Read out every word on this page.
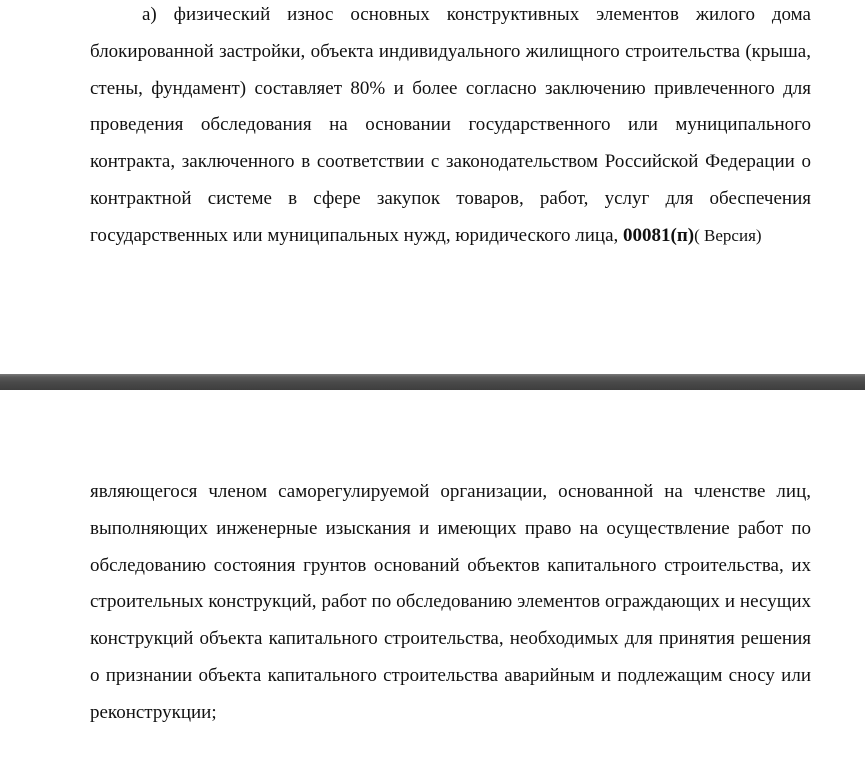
а) физический износ основных конструктивных элементов жилого дома блокированной застройки, объекта индивидуального жилищного строительства (крыша, стены, фундамент) составляет 80% и более согласно заключению привлеченного для проведения обследования на основании государственного или муниципального контракта, заключенного в соответствии с законодательством Российской Федерации о контрактной системе в сфере закупок товаров, работ, услуг для обеспечения государственных или муниципальных нужд, юридического лица, 00081(п)( Версия)

являющегося членом саморегулируемой организации, основанной на членстве лиц, выполняющих инженерные изыскания и имеющих право на осуществление работ по обследованию состояния грунтов оснований объектов капитального строительства, их строительных конструкций, работ по обследованию элементов ограждающих и несущих конструкций объекта капитального строительства, необходимых для принятия решения о признании объекта капитального строительства аварийным и подлежащим сносу или реконструкции;
